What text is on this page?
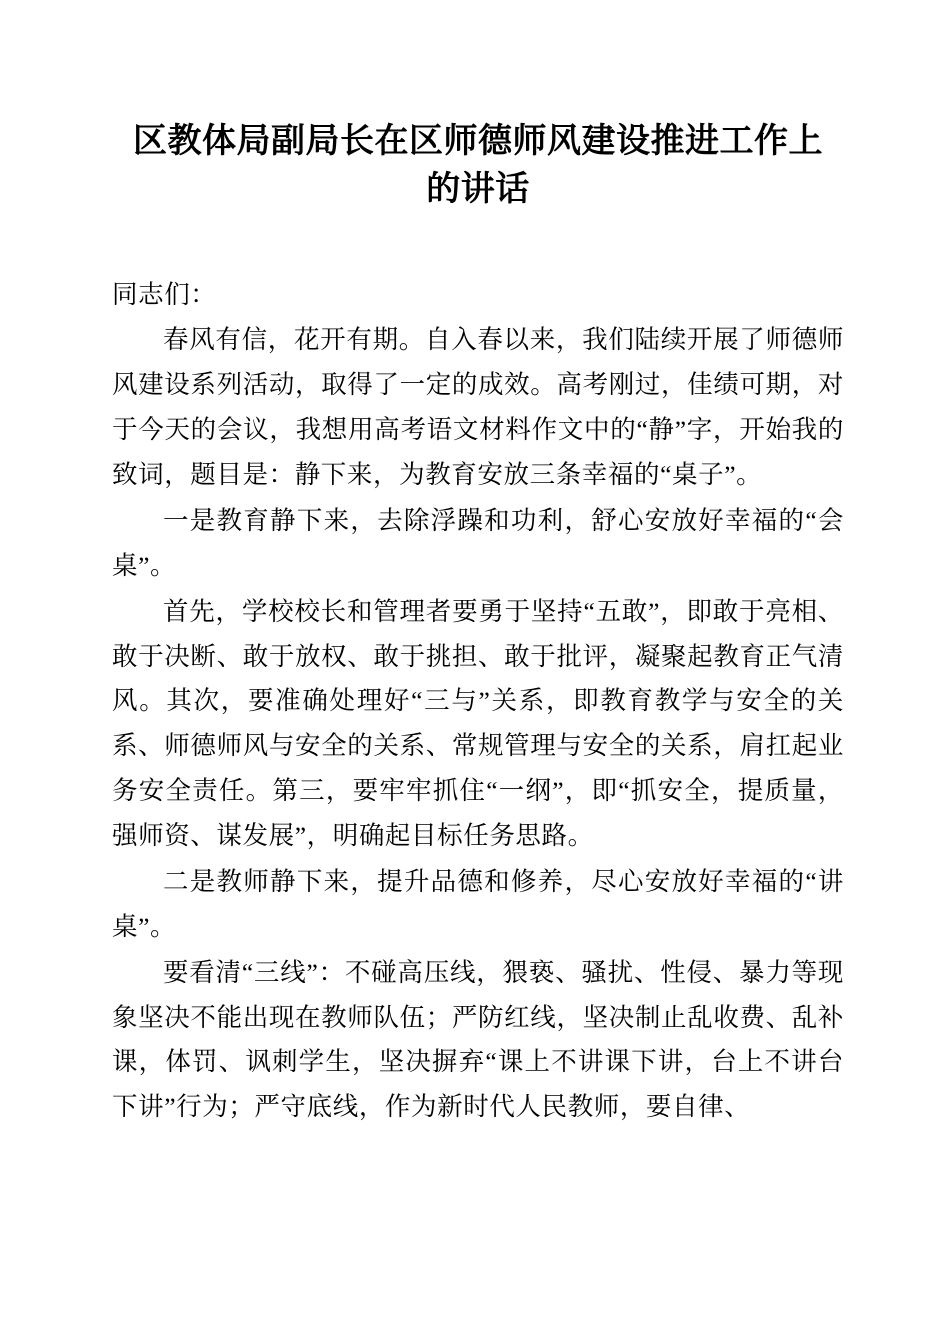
区教体局副局长在区师德师风建设推进工作上的讲话

同志们：

春风有信，花开有期。自入春以来，我们陆续开展了师德师风建设系列活动，取得了一定的成效。高考刚过，佳绩可期，对于今天的会议，我想用高考语文材料作文中的“静”字，开始我的致词，题目是：静下来，为教育安放三条幸福的“桌子”。

一是教育静下来，去除浮躁和功利，舒心安放好幸福的“会桌”。

首先，学校校长和管理者要勇于坚持“五敢”，即敢于亮相、敢于决断、敢于放权、敢于挑担、敢于批评，凝聚起教育正气清风。其次，要准确处理好“三与”关系，即教育教学与安全的关系、师德师风与安全的关系、常规管理与安全的关系，肩扛起业务安全责任。第三，要牢牢抓住“一纲”，即“抓安全，提质量，强师资、谋发展”，明确起目标任务思路。

二是教师静下来，提升品德和修养，尽心安放好幸福的“讲桌”。

要看清“三线”：不碰高压线，猥亵、骚扰、性侵、暴力等现象坚决不能出现在教师队伍；严防红线，坚决制止乱收费、乱补课，体罚、讽刺学生，坚决摒弃“课上不讲课下讲，台上不讲台下讲”行为；严守底线，作为新时代人民教师，要自律、
